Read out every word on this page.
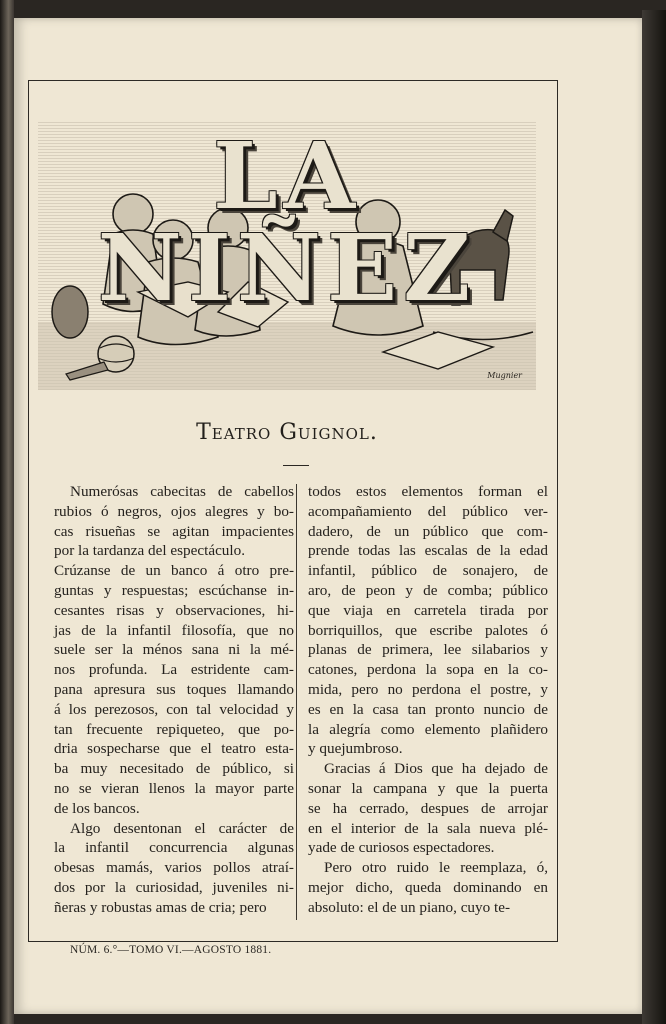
LA NIÑEZ
Mugnier
Teatro Guignol.
Numerósas cabecitas de cabellos
rubios ó negros, ojos alegres y bo-
cas risueñas se agitan impacientes
por la tardanza del espectáculo.
Crúzanse de un banco á otro pre-
guntas y respuestas; escúchanse in-
cesantes risas y observaciones, hi-
jas de la infantil filosofía, que no
suele ser la ménos sana ni la mé-
nos profunda. La estridente cam-
pana apresura sus toques llamando
á los perezosos, con tal velocidad y
tan frecuente repiqueteo, que po-
dria sospecharse que el teatro esta-
ba muy necesitado de público, si
no se vieran llenos la mayor parte
de los bancos.
Algo desentonan el carácter de
la infantil concurrencia algunas
obesas mamás, varios pollos atraí-
dos por la curiosidad, juveniles ni-
ñeras y robustas amas de cria; pero
todos estos elementos forman el
acompañamiento del público ver-
dadero, de un público que com-
prende todas las escalas de la edad
infantil, público de sonajero, de
aro, de peon y de comba; público
que viaja en carretela tirada por
borriquillos, que escribe palotes ó
planas de primera, lee silabarios y
catones, perdona la sopa en la co-
mida, pero no perdona el postre, y
es en la casa tan pronto nuncio de
la alegría como elemento plañidero
y quejumbroso.
Gracias á Dios que ha dejado de
sonar la campana y que la puerta
se ha cerrado, despues de arrojar
en el interior de la sala nueva plé-
yade de curiosos espectadores.
Pero otro ruido le reemplaza, ó,
mejor dicho, queda dominando en
absoluto: el de un piano, cuyo te-
NÚM. 6.°—TOMO VI.—AGOSTO 1881.
